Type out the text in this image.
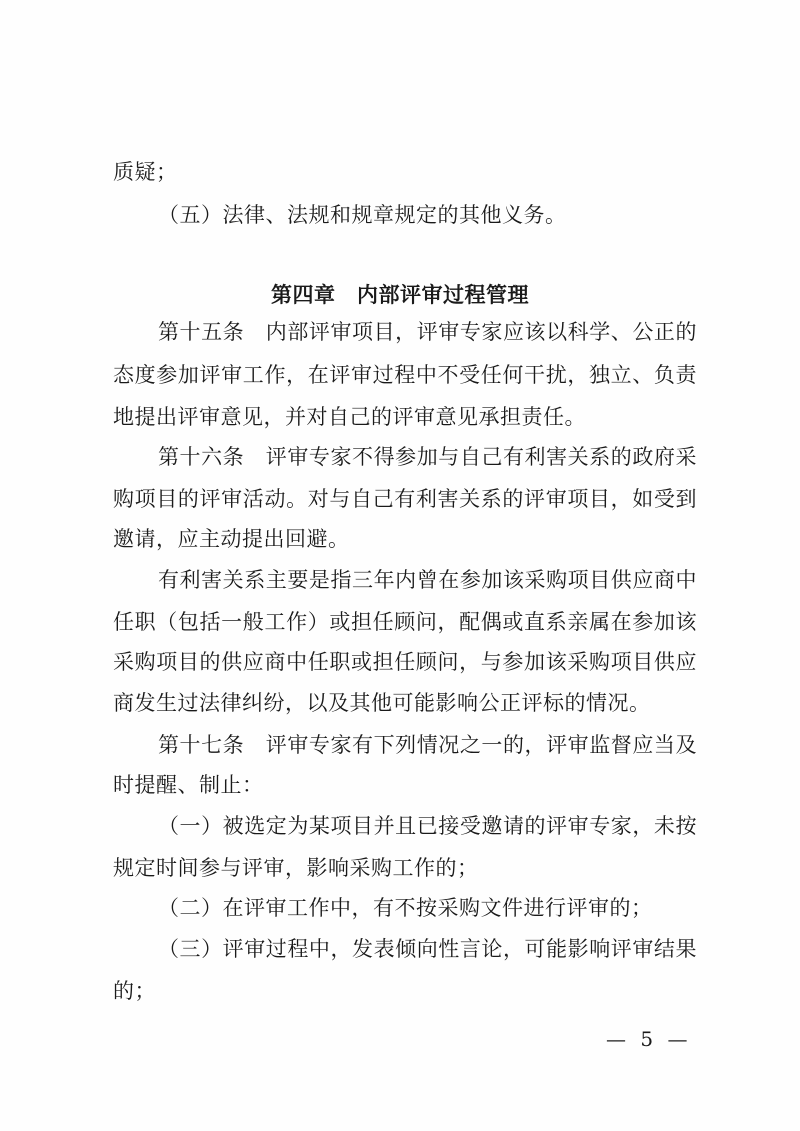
质疑；
（五）法律、法规和规章规定的其他义务。
第四章　内部评审过程管理
第十五条　内部评审项目，评审专家应该以科学、公正的
态度参加评审工作，在评审过程中不受任何干扰，独立、负责
地提出评审意见，并对自己的评审意见承担责任。
第十六条　评审专家不得参加与自己有利害关系的政府采
购项目的评审活动。对与自己有利害关系的评审项目，如受到
邀请，应主动提出回避。
有利害关系主要是指三年内曾在参加该采购项目供应商中
任职（包括一般工作）或担任顾问，配偶或直系亲属在参加该
采购项目的供应商中任职或担任顾问，与参加该采购项目供应
商发生过法律纠纷，以及其他可能影响公正评标的情况。
第十七条　评审专家有下列情况之一的，评审监督应当及
时提醒、制止：
（一）被选定为某项目并且已接受邀请的评审专家，未按
规定时间参与评审，影响采购工作的；
（二）在评审工作中，有不按采购文件进行评审的；
（三）评审过程中，发表倾向性言论，可能影响评审结果
的；
— 5 —
